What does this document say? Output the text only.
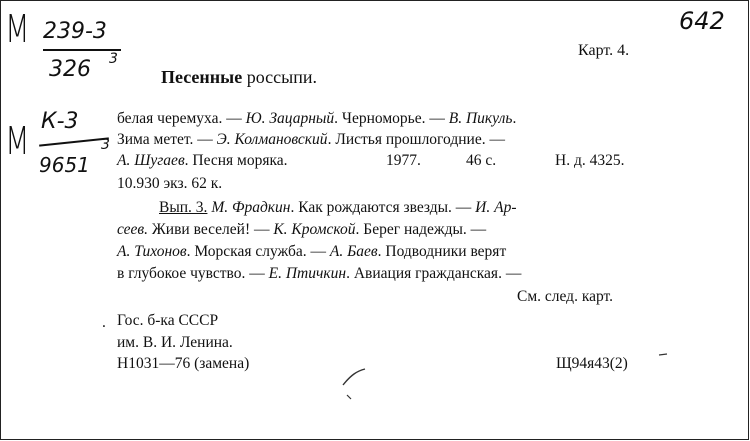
М 239-3
326 3
М К-3
9651
3
642
Карт. 4.
Песенные россыпи.
белая черемуха. — Ю. Зацарный. Черноморье. — В. Пикуль.
Зима метет. — Э. Колмановский. Листья прошлогодние. —
А. Шугаев. Песня моряка.	1977.	46 с.	Н. д. 4325.
10.930 экз. 62 к.
Вып. 3. М. Фрадкин. Как рождаются звезды. — И. Ар-
сеев. Живи веселей! — К. Кромской. Берег надежды. —
А. Тихонов. Морская служба. — А. Баев. Подводники верят
в глубокое чувство. — Е. Птичкин. Авиация гражданская. —
См. след. карт.
. Гос. б-ка СССР
им. В. И. Ленина.
Н1031—76 (замена)	Щ94я43(2)
